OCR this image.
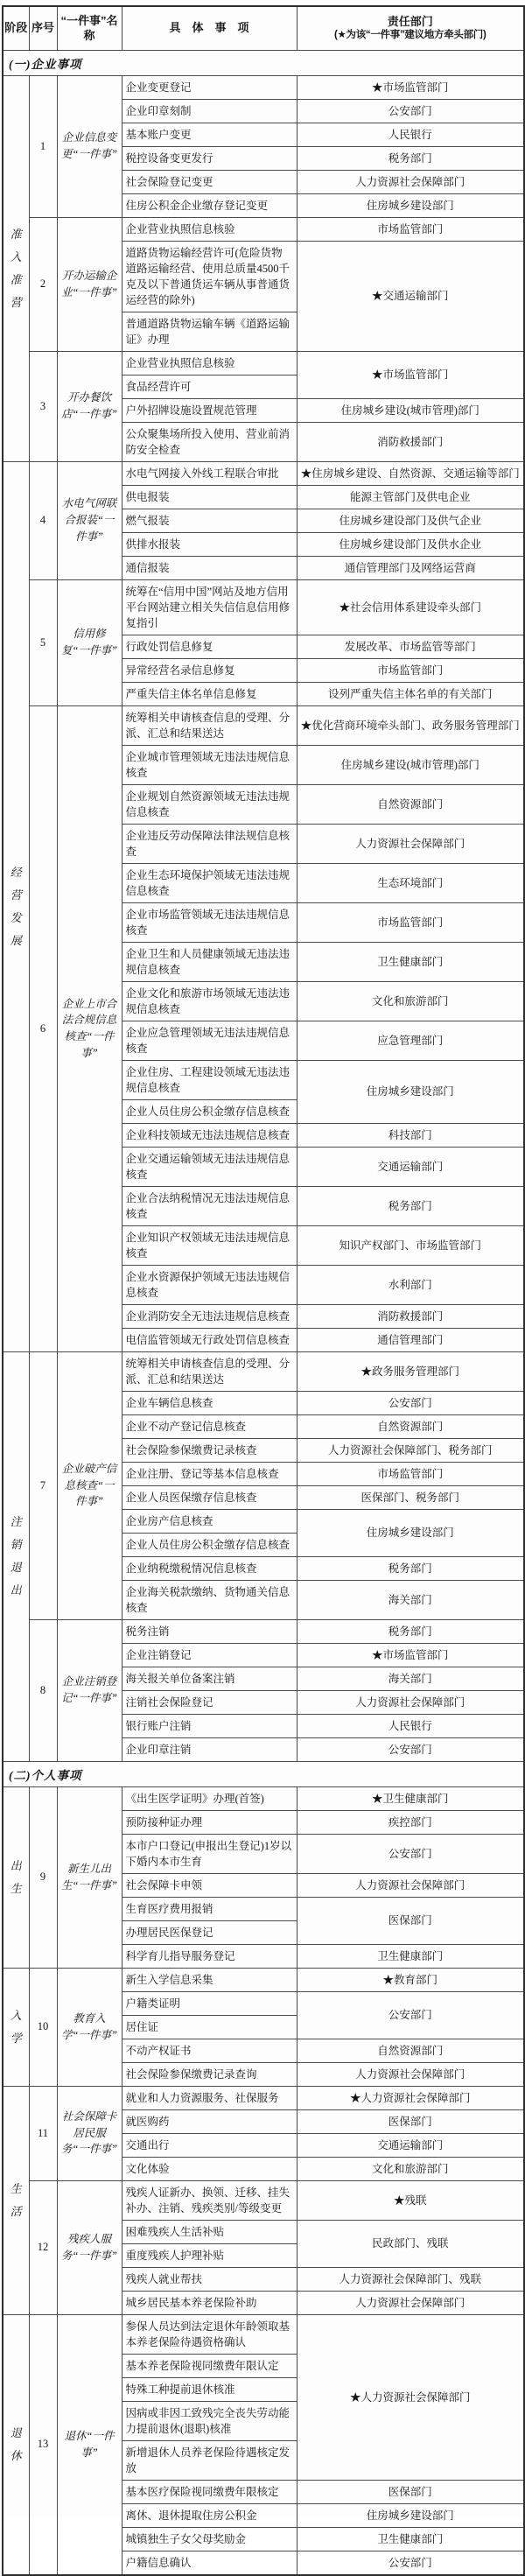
阶段	序号	“一件事”名称	具　体　事　项	责任部门
(★为该“一件事”建议地方牵头部门)

(一)企业事项				

准入准营	1	企业信息变更“一件事”	企业变更登记	★市场监管部门
			企业印章刻制	公安部门
			基本账户变更	人民银行
			税控设备变更发行	税务部门
			社会保险登记变更	人力资源社会保障部门
			住房公积金企业缴存登记变更	住房城乡建设部门
	2	开办运输企业“一件事”	企业营业执照信息核验	市场监管部门
			道路货物运输经营许可(危险货物道路运输经营、使用总质量4500千克及以下普通货运车辆从事普通货运经营的除外)	★交通运输部门
			普通道路货物运输车辆《道路运输证》办理	
	3	开办餐饮店“一件事”	企业营业执照信息核验	★市场监管部门
			食品经营许可	
			户外招牌设施设置规范管理	住房城乡建设(城市管理)部门
			公众聚集场所投入使用、营业前消防安全检查	消防救援部门

经营发展	4	水电气网联合报装“一件事”	水电气网接入外线工程联合审批	★住房城乡建设、自然资源、交通运输等部门
			供电报装	能源主管部门及供电企业
			燃气报装	住房城乡建设部门及供气企业
			供排水报装	住房城乡建设部门及供水企业
			通信报装	通信管理部门及网络运营商
	5	信用修复“一件事”	统筹在“信用中国”网站及地方信用平台网站建立相关失信信息信用修复指引	★社会信用体系建设牵头部门
			行政处罚信息修复	发展改革、市场监管等部门
			异常经营名录信息修复	市场监管部门
			严重失信主体名单信息修复	设列严重失信主体名单的有关部门
	6	企业上市合法合规信息核查“一件事”	统筹相关申请核查信息的受理、分派、汇总和结果送达	★优化营商环境牵头部门、政务服务管理部门
			企业城市管理领域无违法违规信息核查	住房城乡建设(城市管理)部门
			企业规划自然资源领域无违法违规信息核查	自然资源部门
			企业违反劳动保障法律法规信息核查	人力资源社会保障部门
			企业生态环境保护领域无违法违规信息核查	生态环境部门
			企业市场监管领域无违法违规信息核查	市场监管部门
			企业卫生和人员健康领域无违法违规信息核查	卫生健康部门
			企业文化和旅游市场领域无违法违规信息核查	文化和旅游部门
			企业应急管理领域无违法违规信息核查	应急管理部门
			企业住房、工程建设领域无违法违规信息核查	住房城乡建设部门
			企业人员住房公积金缴存信息核查	
			企业科技领域无违法违规信息核查	科技部门
			企业交通运输领域无违法违规信息核查	交通运输部门
			企业合法纳税情况无违法违规信息核查	税务部门
			企业知识产权领域无违法违规信息核查	知识产权部门、市场监管部门
			企业水资源保护领域无违法违规信息核查	水利部门
			企业消防安全无违法违规信息核查	消防救援部门
			电信监管领域无行政处罚信息核查	通信管理部门

注销退出	7	企业破产信息核查“一件事”	统筹相关申请核查信息的受理、分派、汇总和结果送达	★政务服务管理部门
			企业车辆信息核查	公安部门
			企业不动产登记信息核查	自然资源部门
			社会保险参保缴费记录核查	人力资源社会保障部门、税务部门
			企业注册、登记等基本信息核查	市场监管部门
			企业人员医保缴存信息核查	医保部门、税务部门
			企业房产信息核查	住房城乡建设部门
			企业人员住房公积金缴存信息核查	
			企业纳税缴税情况信息核查	税务部门
			企业海关税款缴纳、货物通关信息核查	海关部门
	8	企业注销登记“一件事”	税务注销	税务部门
			企业注销登记	★市场监管部门
			海关报关单位备案注销	海关部门
			注销社会保险登记	人力资源社会保障部门
			银行账户注销	人民银行
			企业印章注销	公安部门
(二)个人事项				

出生	9	新生儿出生“一件事”	《出生医学证明》办理(首签)	★卫生健康部门
			预防接种证办理	疾控部门
			本市户口登记(申报出生登记)1岁以下婚内本市生育	公安部门
			社会保障卡申领	人力资源社会保障部门
			生育医疗费用报销	医保部门
			办理居民医保登记	
			科学育儿指导服务登记	卫生健康部门

入学	10	教育入学“一件事”	新生入学信息采集	★教育部门
			户籍类证明	公安部门
			居住证	
			不动产权证书	自然资源部门
			社会保险参保缴费记录查询	人力资源社会保障部门

生活	11	社会保障卡居民服务“一件事”	就业和人力资源服务、社保服务	★人力资源社会保障部门
			就医购药	医保部门
			交通出行	交通运输部门
			文化体验	文化和旅游部门
	12	残疾人服务“一件事”	残疾人证新办、换领、迁移、挂失补办、注销、残疾类别/等级变更	★残联
			困难残疾人生活补贴	民政部门、残联
			重度残疾人护理补贴	
			残疾人就业帮扶	人力资源社会保障部门、残联
			城乡居民基本养老保险补助	人力资源社会保障部门

退休	13	退休“一件事”	参保人员达到法定退休年龄领取基本养老保险待遇资格确认	★人力资源社会保障部门
			基本养老保险视同缴费年限认定	
			特殊工种提前退休核准	
			因病或非因工致残完全丧失劳动能力提前退休(退职)核准	
			新增退休人员养老保险待遇核定发放	
			基本医疗保险视同缴费年限核定	医保部门
			离休、退休提取住房公积金	住房城乡建设部门
			城镇独生子女父母奖励金	卫生健康部门
			户籍信息确认	公安部门
